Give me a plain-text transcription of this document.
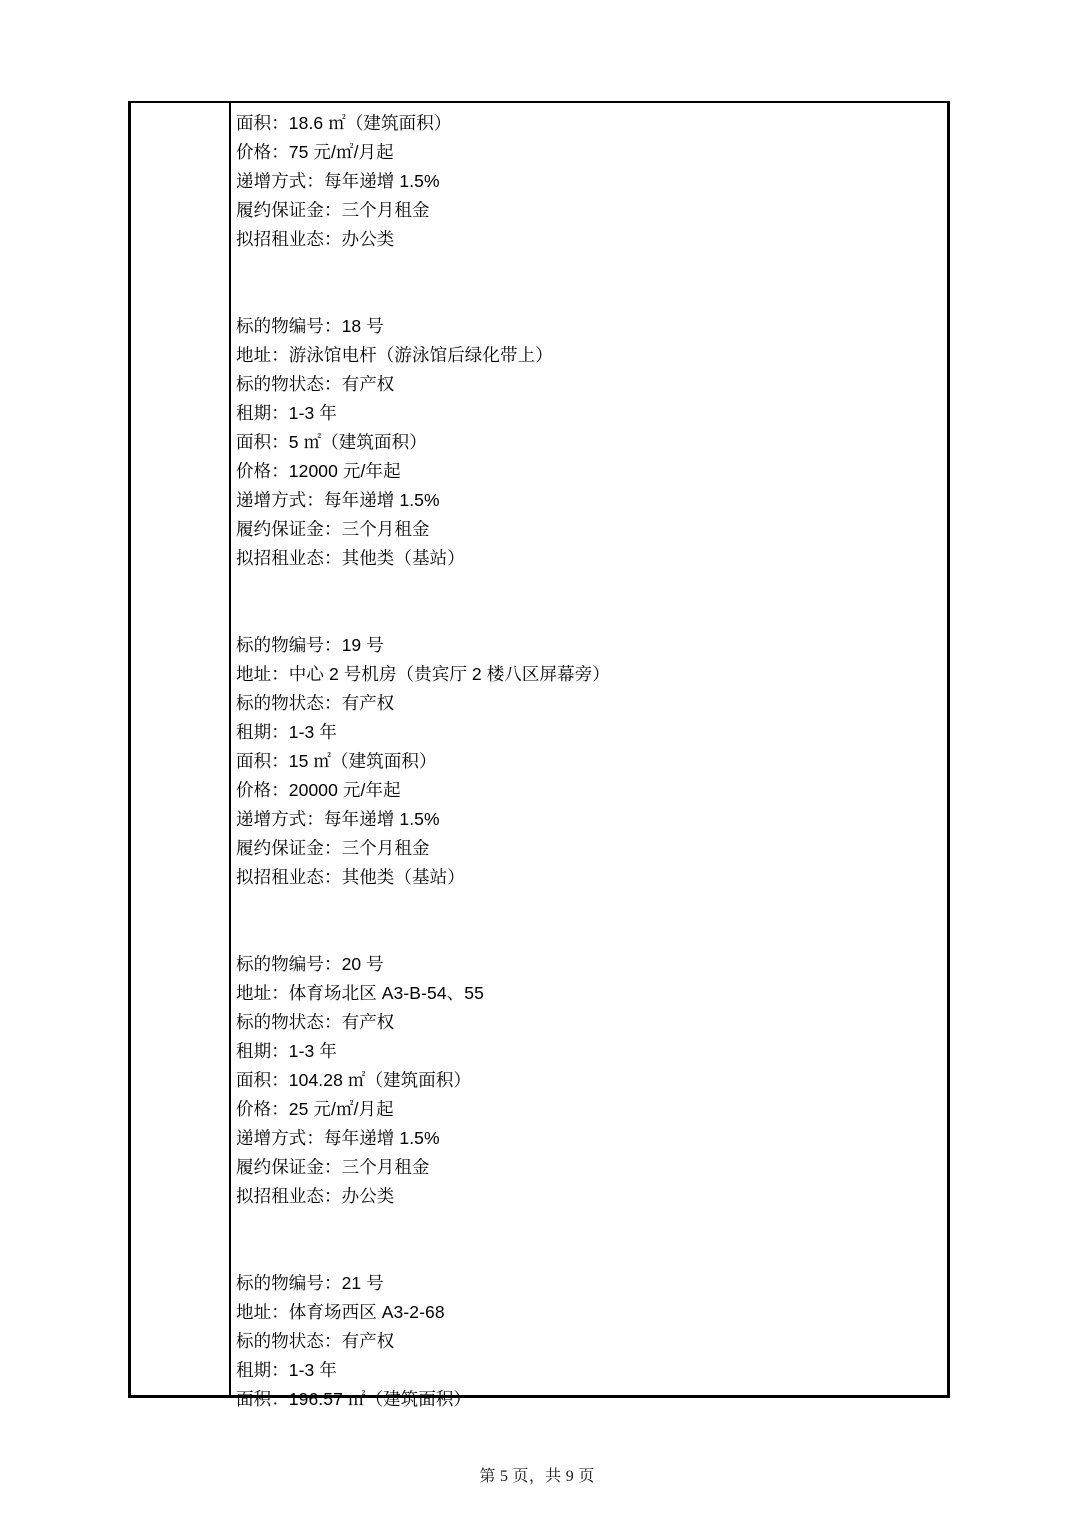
面积：18.6 ㎡（建筑面积）
价格：75 元/㎡/月起
递增方式：每年递增 1.5%
履约保证金：三个月租金
拟招租业态：办公类
标的物编号：18 号
地址：游泳馆电杆（游泳馆后绿化带上）
标的物状态：有产权
租期：1-3 年
面积：5 ㎡（建筑面积）
价格：12000 元/年起
递增方式：每年递增 1.5%
履约保证金：三个月租金
拟招租业态：其他类（基站）
标的物编号：19 号
地址：中心 2 号机房（贵宾厅 2 楼八区屏幕旁）
标的物状态：有产权
租期：1-3 年
面积：15 ㎡（建筑面积）
价格：20000 元/年起
递增方式：每年递增 1.5%
履约保证金：三个月租金
拟招租业态：其他类（基站）
标的物编号：20 号
地址：体育场北区 A3-B-54、55
标的物状态：有产权
租期：1-3 年
面积：104.28 ㎡（建筑面积）
价格：25 元/㎡/月起
递增方式：每年递增 1.5%
履约保证金：三个月租金
拟招租业态：办公类
标的物编号：21 号
地址：体育场西区 A3-2-68
标的物状态：有产权
租期：1-3 年
面积：196.57 ㎡（建筑面积）
第 5 页，共 9 页
